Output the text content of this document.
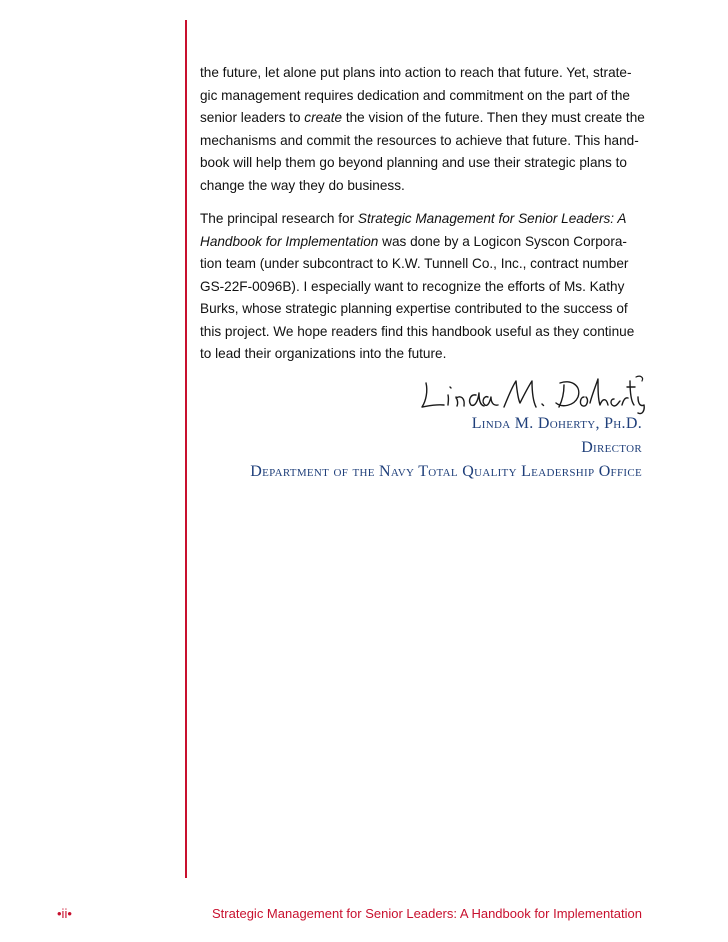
the future, let alone put plans into action to reach that future. Yet, strate-gic management requires dedication and commitment on the part of the senior leaders to create the vision of the future. Then they must create the mechanisms and commit the resources to achieve that future. This hand-book will help them go beyond planning and use their strategic plans to change the way they do business.

The principal research for Strategic Management for Senior Leaders: A Handbook for Implementation was done by a Logicon Syscon Corpora-tion team (under subcontract to K.W. Tunnell Co., Inc., contract number GS-22F-0096B). I especially want to recognize the efforts of Ms. Kathy Burks, whose strategic planning expertise contributed to the success of this project. We hope readers find this handbook useful as they continue to lead their organizations into the future.

Linda M. Doherty, Ph.D.
Director
Department of the Navy Total Quality Leadership Office
•ii•	Strategic Management for Senior Leaders: A Handbook for Implementation
